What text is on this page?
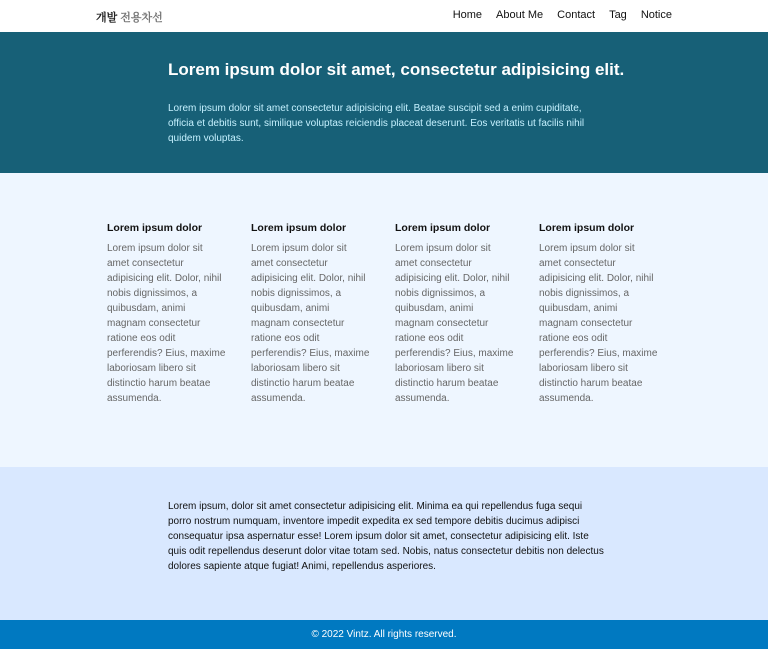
개발 전용차선	Home About Me Contact Tag Notice
Lorem ipsum dolor sit amet, consectetur adipisicing elit.

Lorem ipsum dolor sit amet consectetur adipisicing elit. Beatae suscipit sed a enim cupiditate, officia et debitis sunt, similique voluptas reiciendis placeat deserunt. Eos veritatis ut facilis nihil quidem voluptas.

Lorem ipsum dolor

Lorem ipsum dolor sit amet consectetur adipisicing elit. Dolor, nihil nobis dignissimos, a quibusdam, animi magnam consectetur ratione eos odit perferendis? Eius, maxime laboriosam libero sit distinctio harum beatae assumenda.

Lorem ipsum dolor

Lorem ipsum dolor sit amet consectetur adipisicing elit. Dolor, nihil nobis dignissimos, a quibusdam, animi magnam consectetur ratione eos odit perferendis? Eius, maxime laboriosam libero sit distinctio harum beatae assumenda.

Lorem ipsum dolor

Lorem ipsum dolor sit amet consectetur adipisicing elit. Dolor, nihil nobis dignissimos, a quibusdam, animi magnam consectetur ratione eos odit perferendis? Eius, maxime laboriosam libero sit distinctio harum beatae assumenda.

Lorem ipsum dolor

Lorem ipsum dolor sit amet consectetur adipisicing elit. Dolor, nihil nobis dignissimos, a quibusdam, animi magnam consectetur ratione eos odit perferendis? Eius, maxime laboriosam libero sit distinctio harum beatae assumenda.

Lorem ipsum, dolor sit amet consectetur adipisicing elit. Minima ea qui repellendus fuga sequi porro nostrum numquam, inventore impedit expedita ex sed tempore debitis ducimus adipisci consequatur ipsa aspernatur esse! Lorem ipsum dolor sit amet, consectetur adipisicing elit. Iste quis odit repellendus deserunt dolor vitae totam sed. Nobis, natus consectetur debitis non delectus dolores sapiente atque fugiat! Animi, repellendus asperiores.

© 2022 Vintz. All rights reserved.
